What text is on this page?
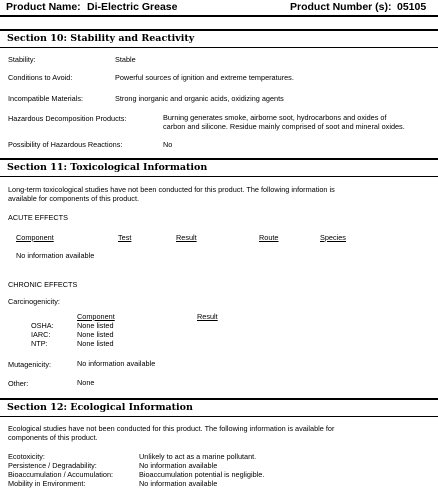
Product Name: Di-Electric Grease	Product Number (s): 05105
Section 10: Stability and Reactivity
Stability:	Stable
Conditions to Avoid:	Powerful sources of ignition and extreme temperatures.
Incompatible Materials:	Strong inorganic and organic acids, oxidizing agents
Hazardous Decomposition Products:	Burning generates smoke, airborne soot, hydrocarbons and oxides of
carbon and silicone. Residue mainly comprised of soot and mineral oxides.
Possibility of Hazardous Reactions:	No
Section 11: Toxicological Information
Long-term toxicological studies have not been conducted for this product. The following information is
available for components of this product.
ACUTE EFFECTS
Component	Test	Result	Route	Species
No information available
CHRONIC EFFECTS
Carcinogenicity:
Component	Result
OSHA:	None listed
IARC:	None listed
NTP:	None listed
Mutagenicity:	No information available
Other:	None
Section 12: Ecological Information
Ecological studies have not been conducted for this product. The following information is available for
components of this product.
Ecotoxicity:	Unlikely to act as a marine pollutant.
Persistence / Degradability:	No information available
Bioaccumulation / Accumulation:	Bioaccumulation potential is negligible.
Mobility in Environment:	No information available
